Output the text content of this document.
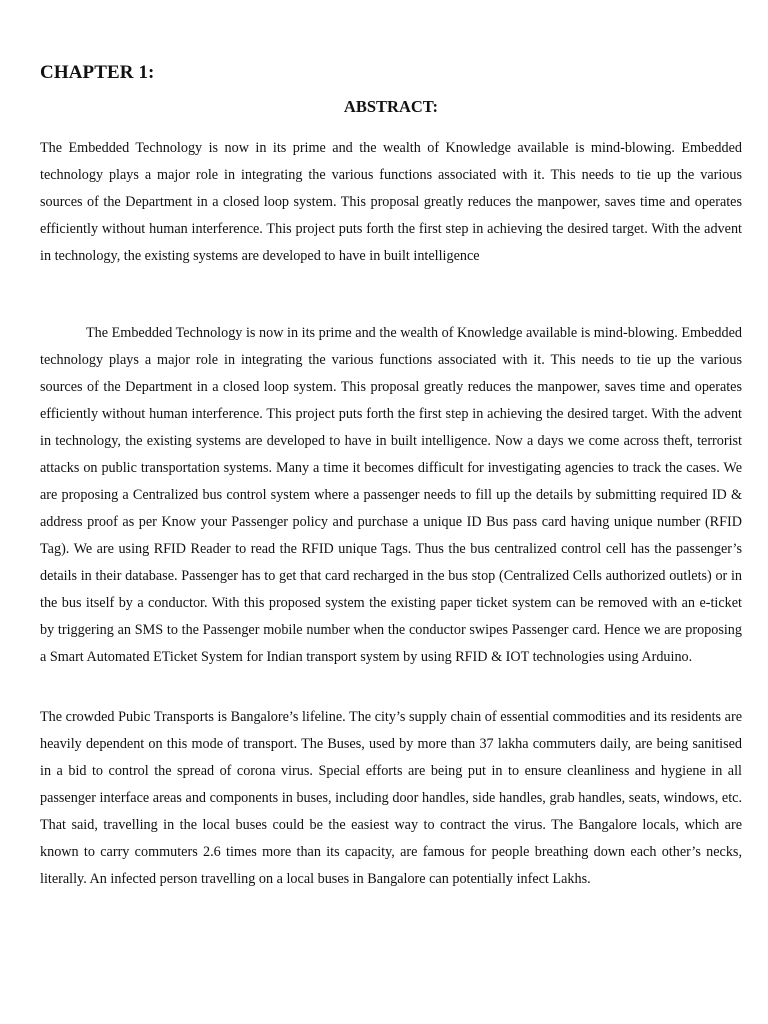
CHAPTER 1:
ABSTRACT:

The Embedded Technology is now in its prime and the wealth of Knowledge available is mind-blowing. Embedded technology plays a major role in integrating the various functions associated with it. This needs to tie up the various sources of the Department in a closed loop system. This proposal greatly reduces the manpower, saves time and operates efficiently without human interference. This project puts forth the first step in achieving the desired target. With the advent in technology, the existing systems are developed to have in built intelligence

The Embedded Technology is now in its prime and the wealth of Knowledge available is mind-blowing. Embedded technology plays a major role in integrating the various functions associated with it. This needs to tie up the various sources of the Department in a closed loop system. This proposal greatly reduces the manpower, saves time and operates efficiently without human interference. This project puts forth the first step in achieving the desired target. With the advent in technology, the existing systems are developed to have in built intelligence. Now a days we come across theft, terrorist attacks on public transportation systems. Many a time it becomes difficult for investigating agencies to track the cases. We are proposing a Centralized bus control system where a passenger needs to fill up the details by submitting required ID & address proof as per Know your Passenger policy and purchase a unique ID Bus pass card having unique number (RFID Tag). We are using RFID Reader to read the RFID unique Tags. Thus the bus centralized control cell has the passenger’s details in their database. Passenger has to get that card recharged in the bus stop (Centralized Cells authorized outlets) or in the bus itself by a conductor. With this proposed system the existing paper ticket system can be removed with an e-ticket by triggering an SMS to the Passenger mobile number when the conductor swipes Passenger card. Hence we are proposing a Smart Automated ETicket System for Indian transport system by using RFID & IOT technologies using Arduino.

The crowded Pubic Transports is Bangalore’s lifeline. The city’s supply chain of essential commodities and its residents are heavily dependent on this mode of transport. The Buses, used by more than 37 lakha commuters daily, are being sanitised in a bid to control the spread of corona virus. Special efforts are being put in to ensure cleanliness and hygiene in all passenger interface areas and components in buses, including door handles, side handles, grab handles, seats, windows, etc. That said, travelling in the local buses could be the easiest way to contract the virus. The Bangalore locals, which are known to carry commuters 2.6 times more than its capacity, are famous for people breathing down each other’s necks, literally. An infected person travelling on a local buses in Bangalore can potentially infect Lakhs.
